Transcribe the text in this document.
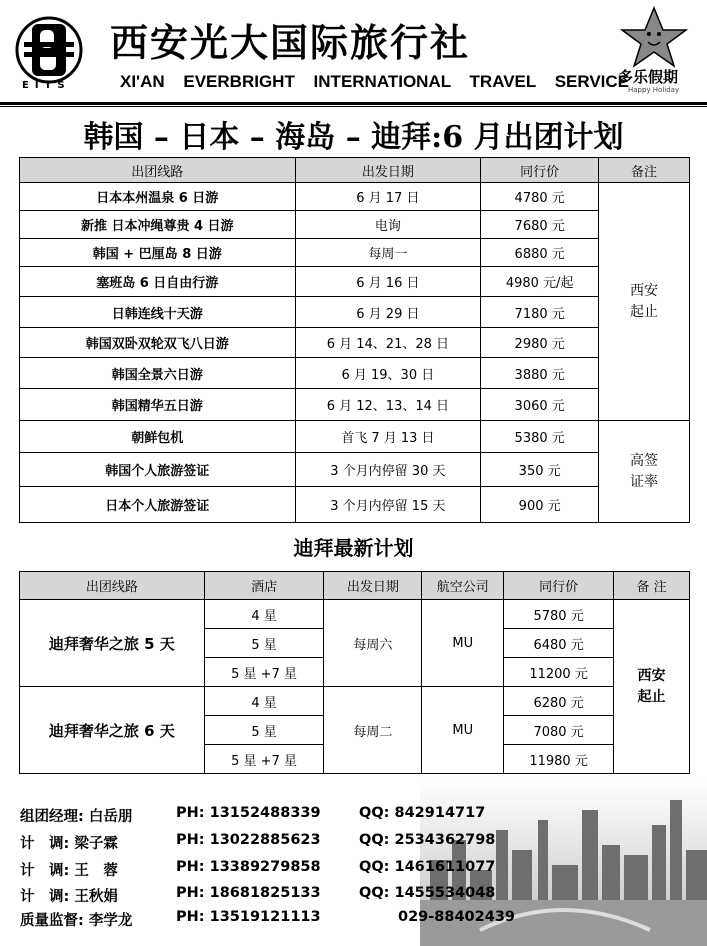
EITS
西安光大国际旅行社
XI'AN EVERBRIGHT INTERNATIONAL TRAVEL SERVICE
多乐假期
Happy Holiday
韩国 – 日本 – 海岛 – 迪拜:6 月出团计划
出团线路	出发日期	同行价	备注
日本本州温泉 6 日游	6 月 17 日	4780 元	西安起止
新推 日本冲绳尊贵 4 日游	电询	7680 元	
韩国 + 巴厘岛 8 日游	每周一	6880 元	
塞班岛 6 日自由行游	6 月 16 日	4980 元/起	
日韩连线十天游	6 月 29 日	7180 元	
韩国双卧双轮双飞八日游	6 月 14、21、28 日	2980 元	
韩国全景六日游	6 月 19、30 日	3880 元	
韩国精华五日游	6 月 12、13、14 日	3060 元	
朝鲜包机	首飞 7 月 13 日	5380 元	高签证率
韩国个人旅游签证	3 个月内停留 30 天	350 元	
日本个人旅游签证	3 个月内停留 15 天	900 元	
迪拜最新计划
出团线路	酒店	出发日期	航空公司	同行价	备 注
迪拜奢华之旅 5 天	4 星	每周六	MU	5780 元	西安起止
	5 星			6480 元	
	5 星 +7 星			11200 元	
迪拜奢华之旅 6 天	4 星	每周二	MU	6280 元	
	5 星			7080 元	
	5 星 +7 星			11980 元	
组团经理: 白岳朋	PH: 13152488339	QQ: 842914717
计　调: 梁子霖	PH: 13022885623	QQ: 2534362798
计　调: 王　蓉	PH: 13389279858	QQ: 1461611077
计　调: 王秋娟	PH: 18681825133	QQ: 1455534048
质量监督: 李学龙	PH: 13519121113	029-88402439
